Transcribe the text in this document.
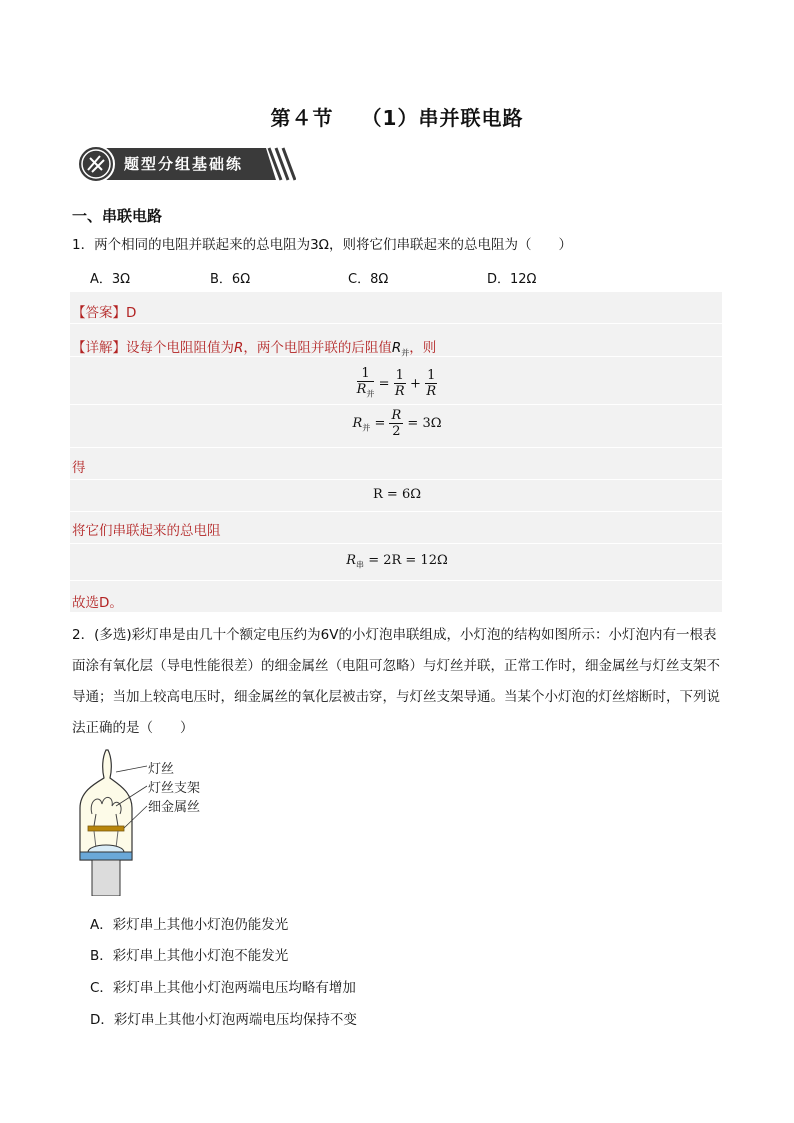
第４节 （1）串并联电路
题型分组基础练
一、串联电路
1．两个相同的电阻并联起来的总电阻为3Ω，则将它们串联起来的总电阻为（　　）
A．3Ω	B．6Ω	C．8Ω	D．12Ω
【答案】D
【详解】设每个电阻阻值为R，两个电阻并联的后阻值$R_并$，则
$\frac{1}{R_并} = \frac{1}{R} + \frac{1}{R}$
$R_并 = \frac{R}{2} = 3\Omega$
得
R = 6Ω
将它们串联起来的总电阻
$R_串 = 2R = 12\Omega$
故选D。
2．(多选)彩灯串是由几十个额定电压约为6V的小灯泡串联组成，小灯泡的结构如图所示：小灯泡内有一根表面涂有氧化层（导电性能很差）的细金属丝（电阻可忽略）与灯丝并联，正常工作时，细金属丝与灯丝支架不导通；当加上较高电压时，细金属丝的氧化层被击穿，与灯丝支架导通。当某个小灯泡的灯丝熔断时，下列说法正确的是（　　）
灯丝
灯丝支架
细金属丝
A．彩灯串上其他小灯泡仍能发光
B．彩灯串上其他小灯泡不能发光
C．彩灯串上其他小灯泡两端电压均略有增加
D．彩灯串上其他小灯泡两端电压均保持不变
